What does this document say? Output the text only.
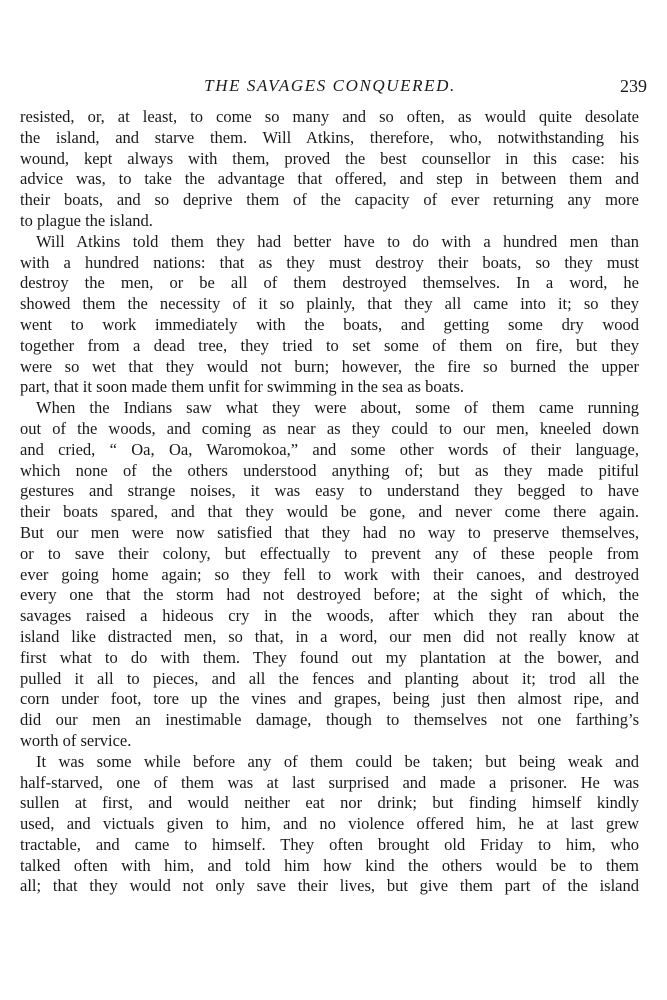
THE SAVAGES CONQUERED.	239
resisted, or, at least, to come so many and so often, as would quite desolate
the island, and starve them. Will Atkins, therefore, who, notwithstanding his
wound, kept always with them, proved the best counsellor in this case: his
advice was, to take the advantage that offered, and step in between them and
their boats, and so deprive them of the capacity of ever returning any more
to plague the island.
Will Atkins told them they had better have to do with a hundred men than
with a hundred nations: that as they must destroy their boats, so they must
destroy the men, or be all of them destroyed themselves. In a word, he
showed them the necessity of it so plainly, that they all came into it; so they
went to work immediately with the boats, and getting some dry wood
together from a dead tree, they tried to set some of them on fire, but they
were so wet that they would not burn; however, the fire so burned the upper
part, that it soon made them unfit for swimming in the sea as boats.
When the Indians saw what they were about, some of them came running
out of the woods, and coming as near as they could to our men, kneeled down
and cried, “ Oa, Oa, Waromokoa,” and some other words of their language,
which none of the others understood anything of; but as they made pitiful
gestures and strange noises, it was easy to understand they begged to have
their boats spared, and that they would be gone, and never come there again.
But our men were now satisfied that they had no way to preserve themselves,
or to save their colony, but effectually to prevent any of these people from
ever going home again; so they fell to work with their canoes, and destroyed
every one that the storm had not destroyed before; at the sight of which, the
savages raised a hideous cry in the woods, after which they ran about the
island like distracted men, so that, in a word, our men did not really know at
first what to do with them. They found out my plantation at the bower, and
pulled it all to pieces, and all the fences and planting about it; trod all the
corn under foot, tore up the vines and grapes, being just then almost ripe, and
did our men an inestimable damage, though to themselves not one farthing’s
worth of service.
It was some while before any of them could be taken; but being weak and
half-starved, one of them was at last surprised and made a prisoner. He was
sullen at first, and would neither eat nor drink; but finding himself kindly
used, and victuals given to him, and no violence offered him, he at last grew
tractable, and came to himself. They often brought old Friday to him, who
talked often with him, and told him how kind the others would be to them
all; that they would not only save their lives, but give them part of the island
